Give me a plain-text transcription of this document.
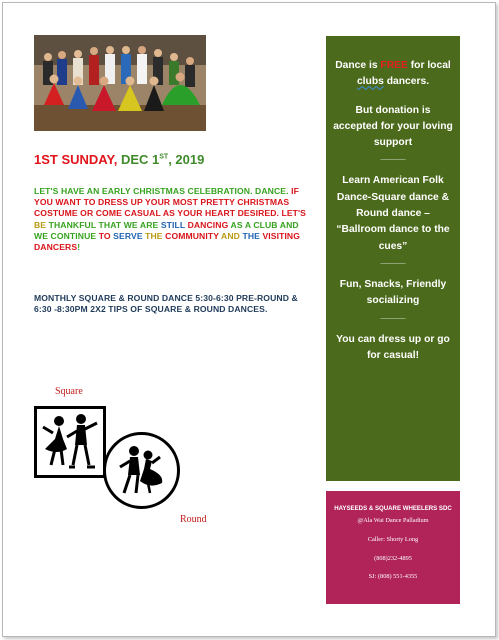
1ST SUNDAY, DEC 1ST, 2019
LET'S HAVE AN EARLY CHRISTMAS CELEBRATION. DANCE. IF YOU WANT TO DRESS UP YOUR MOST PRETTY CHRISTMAS COSTUME OR COME CASUAL AS YOUR HEART DESIRED. LET'S BE THANKFUL THAT WE ARE STILL DANCING AS A CLUB AND WE CONTINUE TO SERVE THE COMMUNITY AND THE VISITING DANCERS!
MONTHLY SQUARE & ROUND DANCE 5:30-6:30 PRE-ROUND & 6:30 -8:30PM 2X2 TIPS OF SQUARE & ROUND DANCES.
Square
Round
Dance is FREE for local clubs dancers.
But donation is accepted for your loving support
_____
Learn American Folk Dance-Square dance & Round dance – “Ballroom dance to the cues”
_____
Fun, Snacks, Friendly socializing
_____
You can dress up or go for casual!
HAYSEEDS & SQUARE WHEELERS SDC
@Ala Wai Dance Palladium
Caller: Shorty Long
(808)232-4895
SJ: (808) 551-4355
